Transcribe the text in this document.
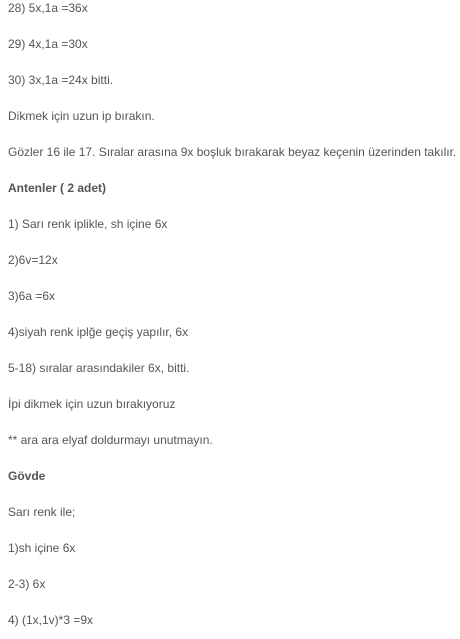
28) 5x,1a =36x
29) 4x,1a =30x
30) 3x,1a =24x bitti.
Dikmek için uzun ip bırakın.
Gözler 16 ile 17. Sıralar arasına 9x boşluk bırakarak beyaz keçenin üzerinden takılır.
Antenler ( 2 adet)
1) Sarı renk iplikle, sh içine 6x
2)6v=12x
3)6a =6x
4)siyah renk iplğe geçiş yapılır, 6x
5-18) sıralar arasındakiler 6x, bitti.
İpi dikmek için uzun bırakıyoruz
** ara ara elyaf doldurmayı unutmayın.
Gövde
Sarı renk ile;
1)sh içine 6x
2-3) 6x
4) (1x,1v)*3 =9x
